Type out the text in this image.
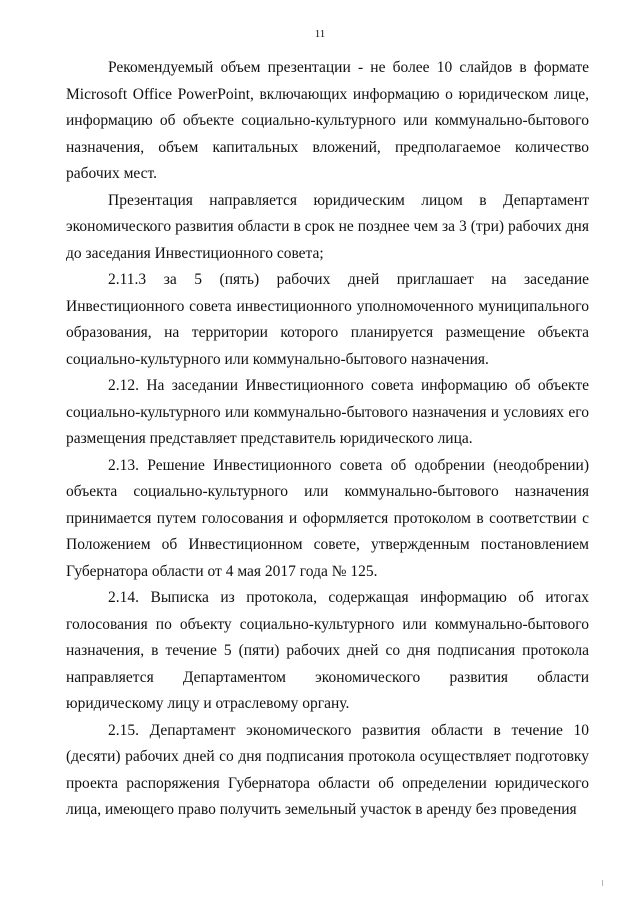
11

Рекомендуемый объем презентации - не более 10 слайдов в формате Microsoft Office PowerPoint, включающих информацию о юридическом лице, информацию об объекте социально-культурного или коммунально-бытового назначения, объем капитальных вложений, предполагаемое количество рабочих мест.

Презентация направляется юридическим лицом в Департамент экономического развития области в срок не позднее чем за 3 (три) рабочих дня до заседания Инвестиционного совета;

2.11.3 за 5 (пять) рабочих дней приглашает на заседание Инвестиционного совета инвестиционного уполномоченного муниципального образования, на территории которого планируется размещение объекта социально-культурного или коммунально-бытового назначения.

2.12. На заседании Инвестиционного совета информацию об объекте социально-культурного или коммунально-бытового назначения и условиях его размещения представляет представитель юридического лица.

2.13. Решение Инвестиционного совета об одобрении (неодобрении) объекта социально-культурного или коммунально-бытового назначения принимается путем голосования и оформляется протоколом в соответствии с Положением об Инвестиционном совете, утвержденным постановлением Губернатора области от 4 мая 2017 года № 125.

2.14. Выписка из протокола, содержащая информацию об итогах голосования по объекту социально-культурного или коммунально-бытового назначения, в течение 5 (пяти) рабочих дней со дня подписания протокола направляется Департаментом экономического развития области юридическому лицу и отраслевому органу.

2.15. Департамент экономического развития области в течение 10 (десяти) рабочих дней со дня подписания протокола осуществляет подготовку проекта распоряжения Губернатора области об определении юридического лица, имеющего право получить земельный участок в аренду без проведения
